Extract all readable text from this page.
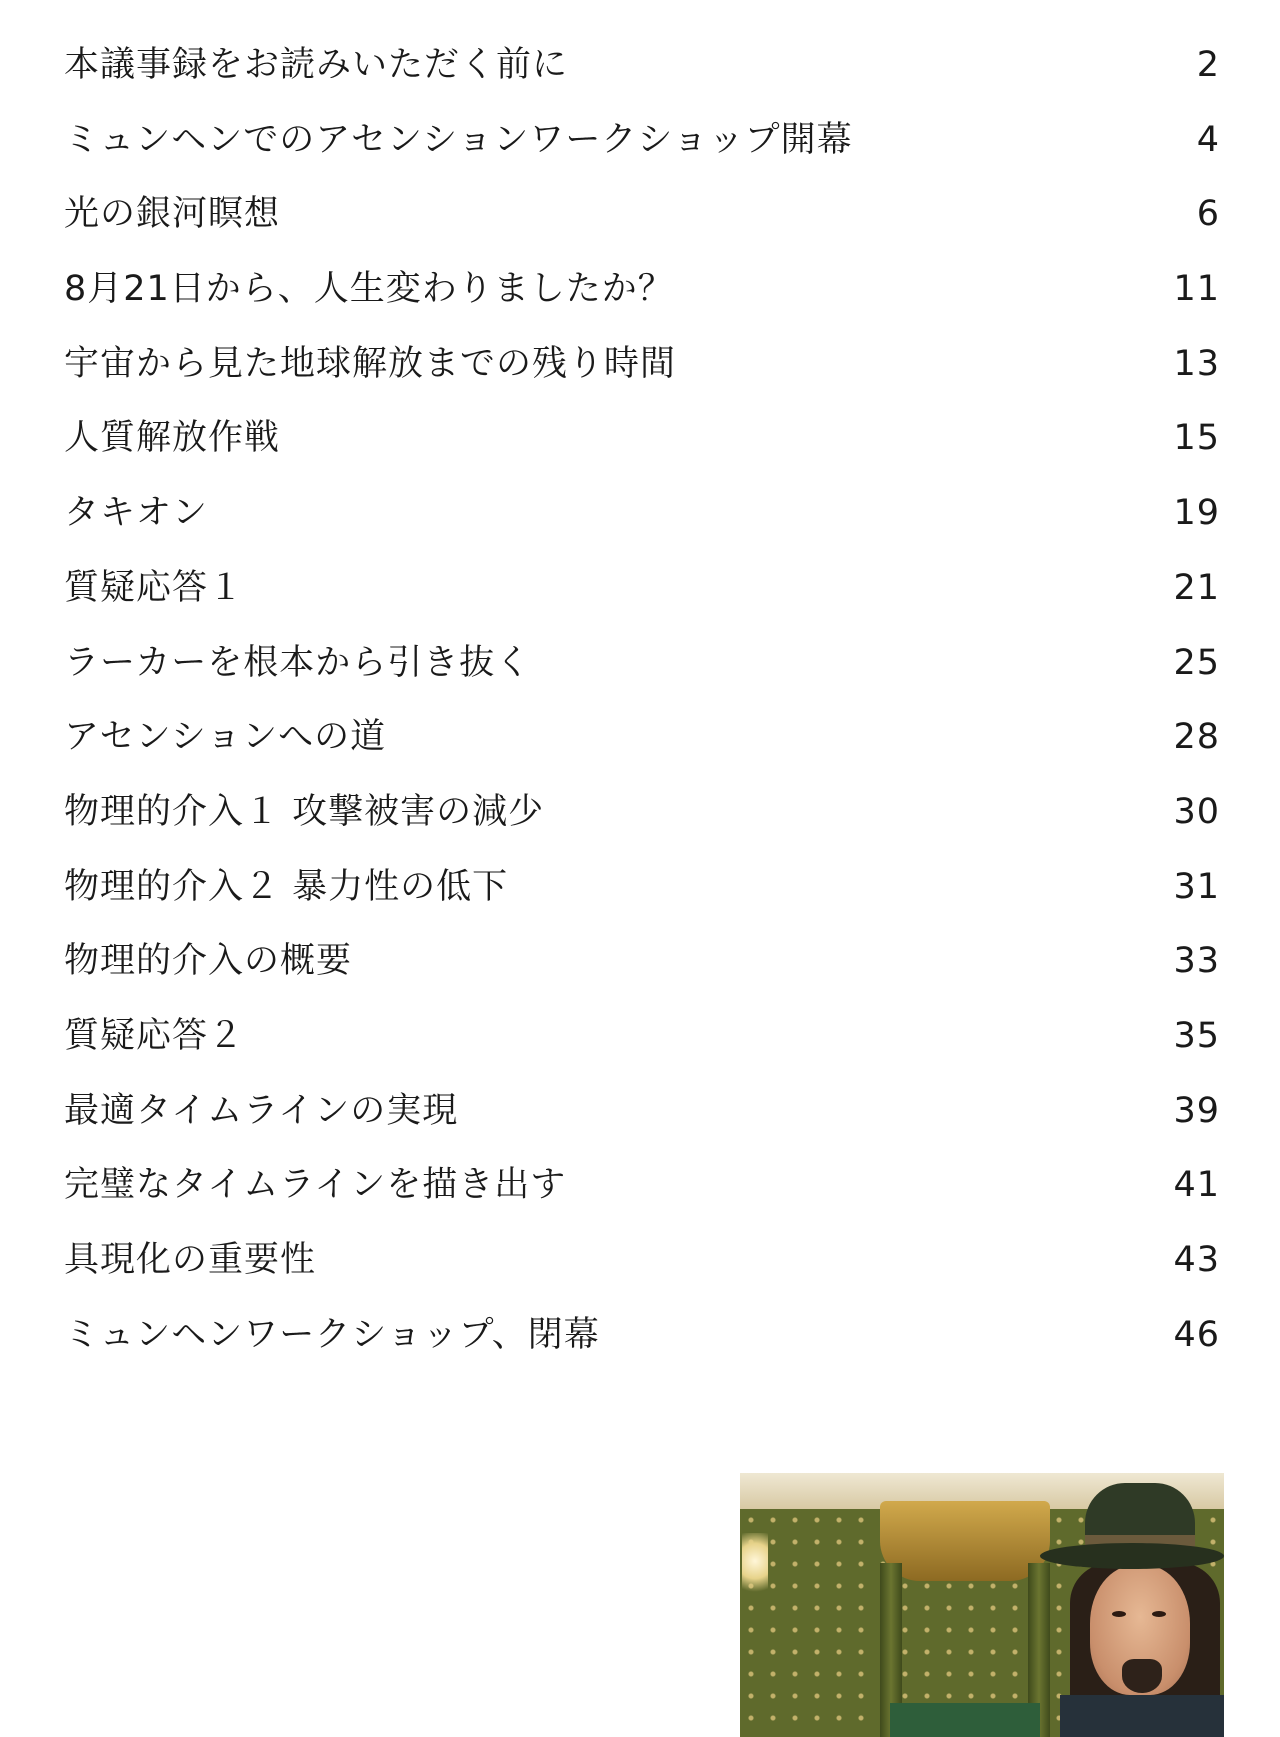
本議事録をお読みいただく前に	2
ミュンヘンでのアセンションワークショップ開幕	4
光の銀河瞑想	6
8月21日から、人生変わりましたか？	11
宇宙から見た地球解放までの残り時間	13
人質解放作戦	15
タキオン	19
質疑応答１	21
ラーカーを根本から引き抜く	25
アセンションへの道	28
物理的介入１ 攻撃被害の減少	30
物理的介入２ 暴力性の低下	31
物理的介入の概要	33
質疑応答２	35
最適タイムラインの実現	39
完璧なタイムラインを描き出す	41
具現化の重要性	43
ミュンヘンワークショップ、閉幕	46
